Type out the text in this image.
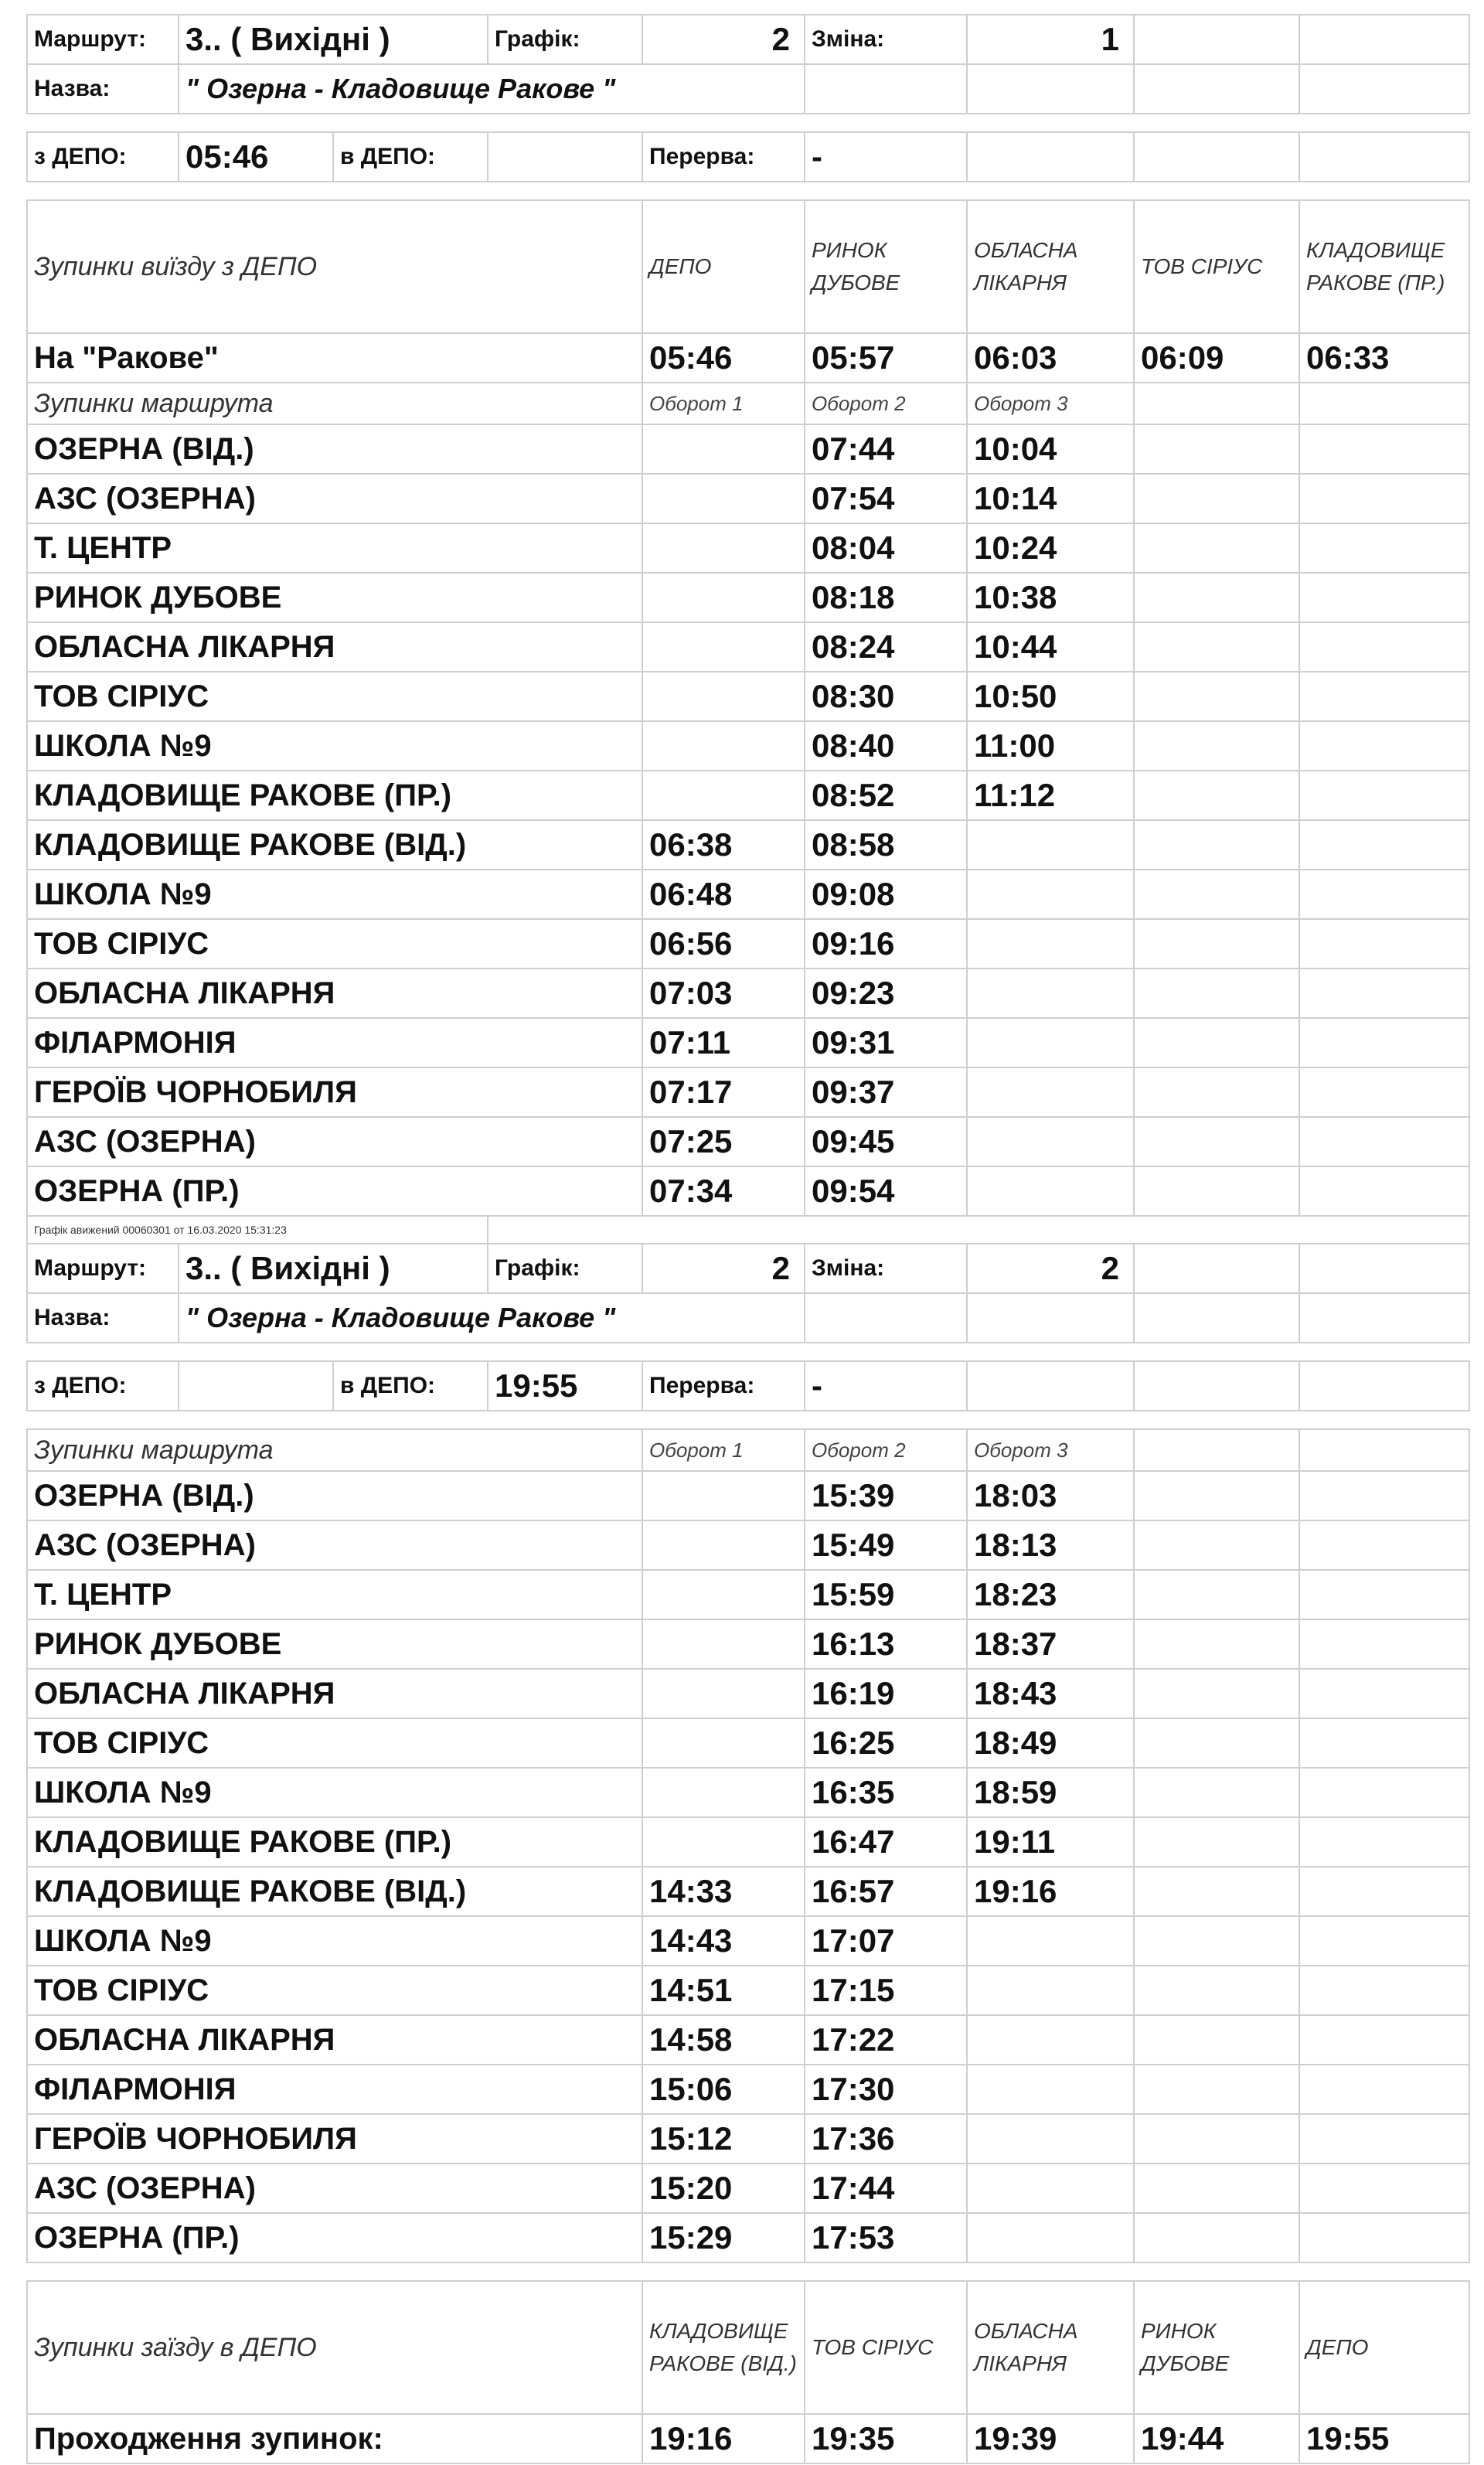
Маршрут:	3.. ( Вихідні )		Графік:	2	Зміна:	1		
Назва:	" Озерна - Кладовище Ракове "							

з ДЕПО:	05:46	в ДЕПО:		Перерва:	-			

Зупинки виїзду з ДЕПО				ДЕПО	РИНОК ДУБОВЕ	ОБЛАСНА ЛІКАРНЯ	ТОВ СІРІУС	КЛАДОВИЩЕ РАКОВЕ (ПР.)
На "Ракове"				05:46	05:57	06:03	06:09	06:33
Зупинки маршрута				Оборот 1	Оборот 2	Оборот 3		
ОЗЕРНА (ВІД.)					07:44	10:04		
АЗС (ОЗЕРНА)					07:54	10:14		
Т. ЦЕНТР					08:04	10:24		
РИНОК ДУБОВЕ					08:18	10:38		
ОБЛАСНА ЛІКАРНЯ					08:24	10:44		
ТОВ СІРІУС					08:30	10:50		
ШКОЛА №9					08:40	11:00		
КЛАДОВИЩЕ РАКОВЕ (ПР.)					08:52	11:12		
КЛАДОВИЩЕ РАКОВЕ (ВІД.)				06:38	08:58			
ШКОЛА №9				06:48	09:08			
ТОВ СІРІУС				06:56	09:16			
ОБЛАСНА ЛІКАРНЯ				07:03	09:23			
ФІЛАРМОНІЯ				07:11	09:31			
ГЕРОЇВ ЧОРНОБИЛЯ				07:17	09:37			
АЗС (ОЗЕРНА)				07:25	09:45			
ОЗЕРНА (ПР.)				07:34	09:54			
Графік авижений 00060301 от 16.03.2020 15:31:23								
Маршрут:	3.. ( Вихідні )		Графік:	2	Зміна:	2		
Назва:	" Озерна - Кладовище Ракове "							

з ДЕПО:		в ДЕПО:	19:55	Перерва:	-			

Зупинки маршрута				Оборот 1	Оборот 2	Оборот 3		
ОЗЕРНА (ВІД.)					15:39	18:03		
АЗС (ОЗЕРНА)					15:49	18:13		
Т. ЦЕНТР					15:59	18:23		
РИНОК ДУБОВЕ					16:13	18:37		
ОБЛАСНА ЛІКАРНЯ					16:19	18:43		
ТОВ СІРІУС					16:25	18:49		
ШКОЛА №9					16:35	18:59		
КЛАДОВИЩЕ РАКОВЕ (ПР.)					16:47	19:11		
КЛАДОВИЩЕ РАКОВЕ (ВІД.)				14:33	16:57	19:16		
ШКОЛА №9				14:43	17:07			
ТОВ СІРІУС				14:51	17:15			
ОБЛАСНА ЛІКАРНЯ				14:58	17:22			
ФІЛАРМОНІЯ				15:06	17:30			
ГЕРОЇВ ЧОРНОБИЛЯ				15:12	17:36			
АЗС (ОЗЕРНА)				15:20	17:44			
ОЗЕРНА (ПР.)				15:29	17:53			

Зупинки заїзду в ДЕПО				КЛАДОВИЩЕ РАКОВЕ (ВІД.)	ТОВ СІРІУС	ОБЛАСНА ЛІКАРНЯ	РИНОК ДУБОВЕ	ДЕПО
Проходження зупинок:				19:16	19:35	19:39	19:44	19:55
